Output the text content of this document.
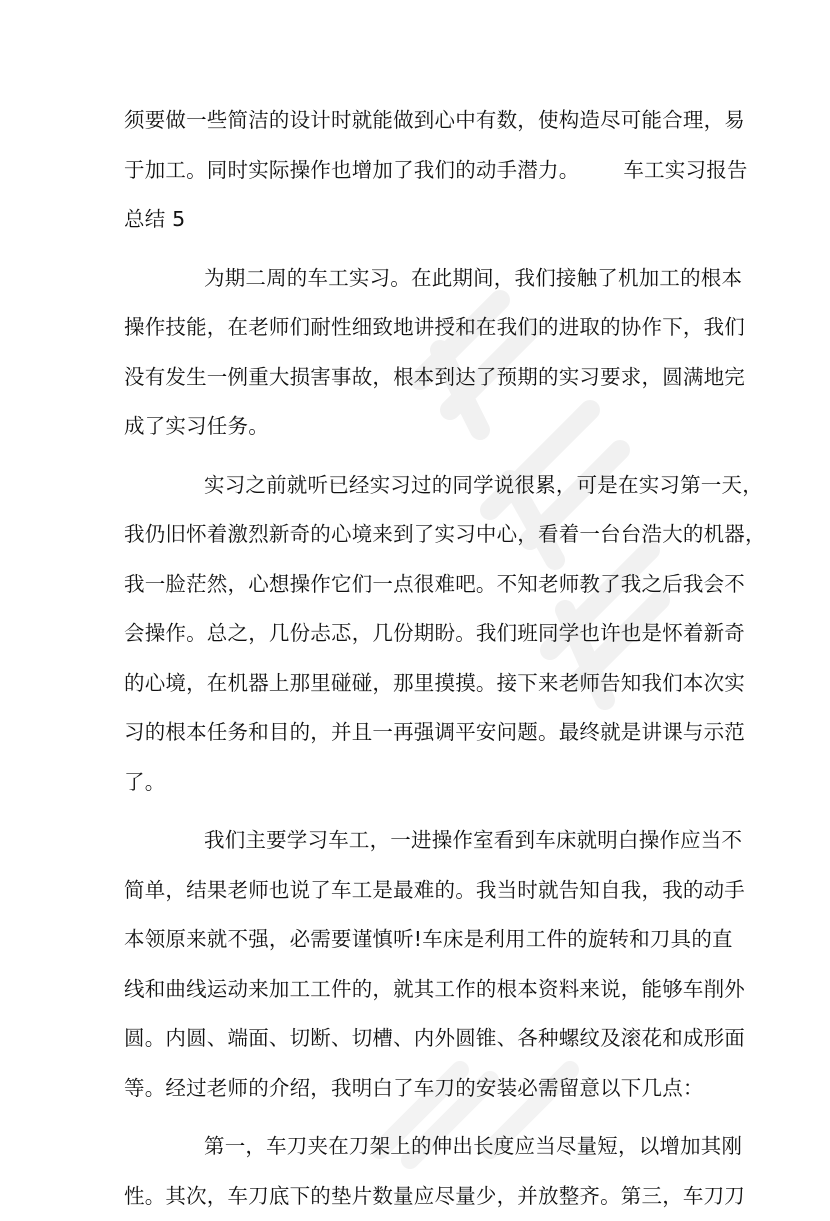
须要做一些简洁的设计时就能做到心中有数，使构造尽可能合理，易
于加工。同时实际操作也增加了我们的动手潜力。 车工实习报告
总结 5
为期二周的车工实习。在此期间，我们接触了机加工的根本
操作技能，在老师们耐性细致地讲授和在我们的进取的协作下，我们
没有发生一例重大损害事故，根本到达了预期的实习要求，圆满地完
成了实习任务。
实习之前就听已经实习过的同学说很累，可是在实习第一天，
我仍旧怀着激烈新奇的心境来到了实习中心，看着一台台浩大的机器，
我一脸茫然，心想操作它们一点很难吧。不知老师教了我之后我会不
会操作。总之，几份忐忑，几份期盼。我们班同学也许也是怀着新奇
的心境，在机器上那里碰碰，那里摸摸。接下来老师告知我们本次实
习的根本任务和目的，并且一再强调平安问题。最终就是讲课与示范
了。
我们主要学习车工，一进操作室看到车床就明白操作应当不
简单，结果老师也说了车工是最难的。我当时就告知自我，我的动手
本领原来就不强，必需要谨慎听!车床是利用工件的旋转和刀具的直
线和曲线运动来加工工件的，就其工作的根本资料来说，能够车削外
圆。内圆、端面、切断、切槽、内外圆锥、各种螺纹及滚花和成形面
等。经过老师的介绍，我明白了车刀的安装必需留意以下几点：
第一，车刀夹在刀架上的伸出长度应当尽量短，以增加其刚
性。其次，车刀底下的垫片数量应尽量少，并放整齐。第三，车刀刀
